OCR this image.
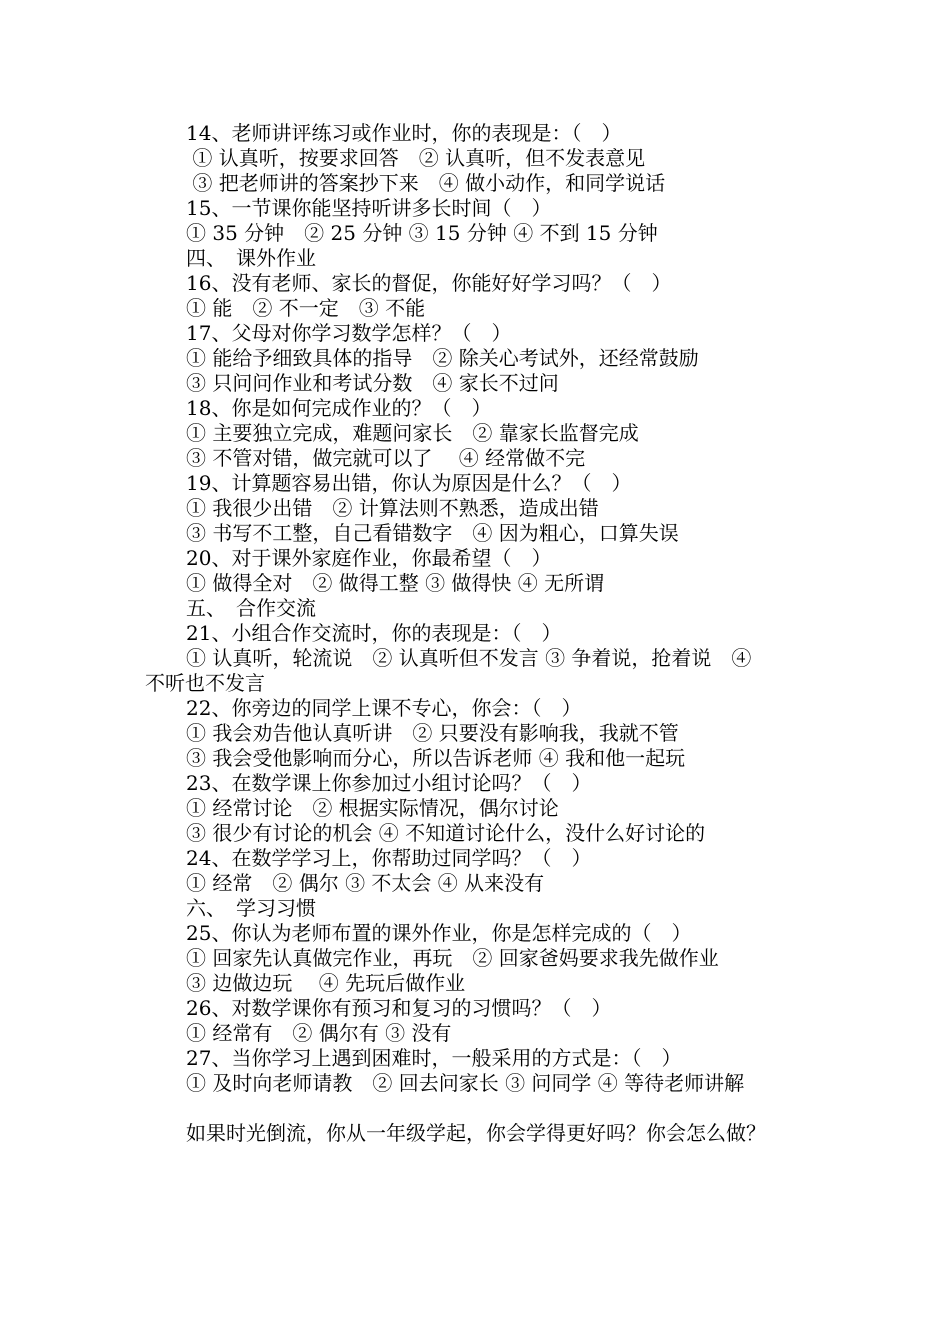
14、老师讲评练习或作业时，你的表现是：（　）
① 认真听，按要求回答　② 认真听，但不发表意见
③ 把老师讲的答案抄下来　④ 做小动作，和同学说话
15、一节课你能坚持听讲多长时间（　）
① 35 分钟　② 25 分钟 ③ 15 分钟 ④ 不到 15 分钟
四、　课外作业
16、没有老师、家长的督促，你能好好学习吗？（　）
① 能　② 不一定　③ 不能
17、父母对你学习数学怎样？（　）
① 能给予细致具体的指导　② 除关心考试外，还经常鼓励
③ 只问问作业和考试分数　④ 家长不过问
18、你是如何完成作业的？（　）
① 主要独立完成，难题问家长　② 靠家长监督完成
③ 不管对错，做完就可以了　 ④ 经常做不完
19、计算题容易出错，你认为原因是什么？（　）
① 我很少出错　② 计算法则不熟悉，造成出错
③ 书写不工整，自己看错数字　④ 因为粗心，口算失误
20、对于课外家庭作业，你最希望（　）
① 做得全对　② 做得工整 ③ 做得快 ④ 无所谓
五、　合作交流
21、小组合作交流时，你的表现是：（　）
① 认真听，轮流说　② 认真听但不发言 ③ 争着说，抢着说　④
不听也不发言
22、你旁边的同学上课不专心，你会：（　）
① 我会劝告他认真听讲　② 只要没有影响我，我就不管
③ 我会受他影响而分心，所以告诉老师 ④ 我和他一起玩
23、在数学课上你参加过小组讨论吗？（　）
① 经常讨论　② 根据实际情况，偶尔讨论
③ 很少有讨论的机会 ④ 不知道讨论什么，没什么好讨论的
24、在数学学习上，你帮助过同学吗？（　）
① 经常　② 偶尔 ③ 不太会 ④ 从来没有
六、　学习习惯
25、你认为老师布置的课外作业，你是怎样完成的（　）
① 回家先认真做完作业，再玩　② 回家爸妈要求我先做作业
③ 边做边玩　 ④ 先玩后做作业
26、对数学课你有预习和复习的习惯吗？（　）
① 经常有　② 偶尔有 ③ 没有
27、当你学习上遇到困难时，一般采用的方式是：（　）
① 及时向老师请教　② 回去问家长 ③ 问同学 ④ 等待老师讲解
如果时光倒流，你从一年级学起，你会学得更好吗？你会怎么做？
